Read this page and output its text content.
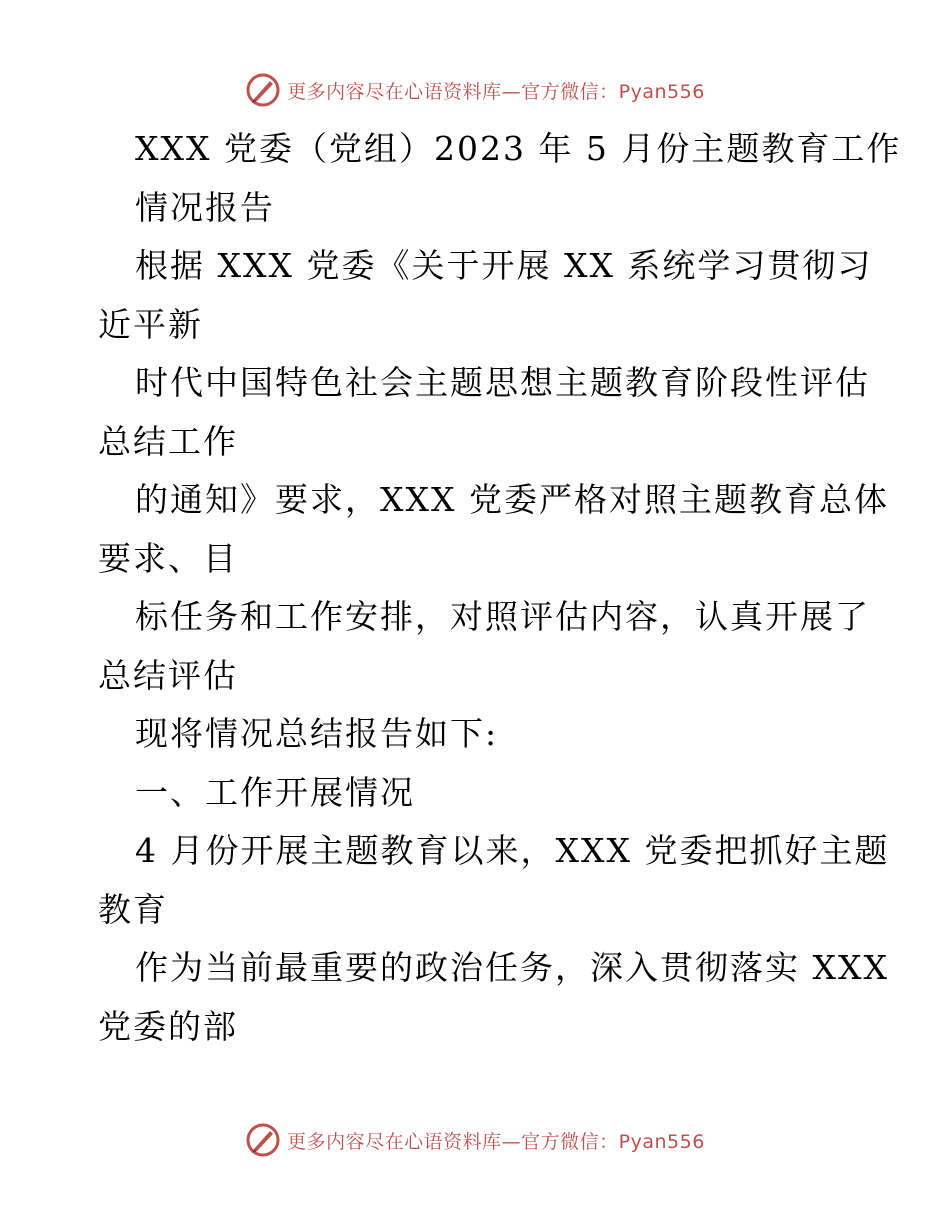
更多内容尽在心语资料库—官方微信：Pyan556
XXX 党委（党组）2023 年 5 月份主题教育工作
情况报告
根据 XXX 党委《关于开展 XX 系统学习贯彻习
近平新
时代中国特色社会主题思想主题教育阶段性评估
总结工作
的通知》要求，XXX 党委严格对照主题教育总体
要求、目
标任务和工作安排，对照评估内容，认真开展了
总结评估
现将情况总结报告如下:
一、工作开展情况
4 月份开展主题教育以来，XXX 党委把抓好主题
教育
作为当前最重要的政治任务，深入贯彻落实 XXX
党委的部
更多内容尽在心语资料库—官方微信：Pyan556
